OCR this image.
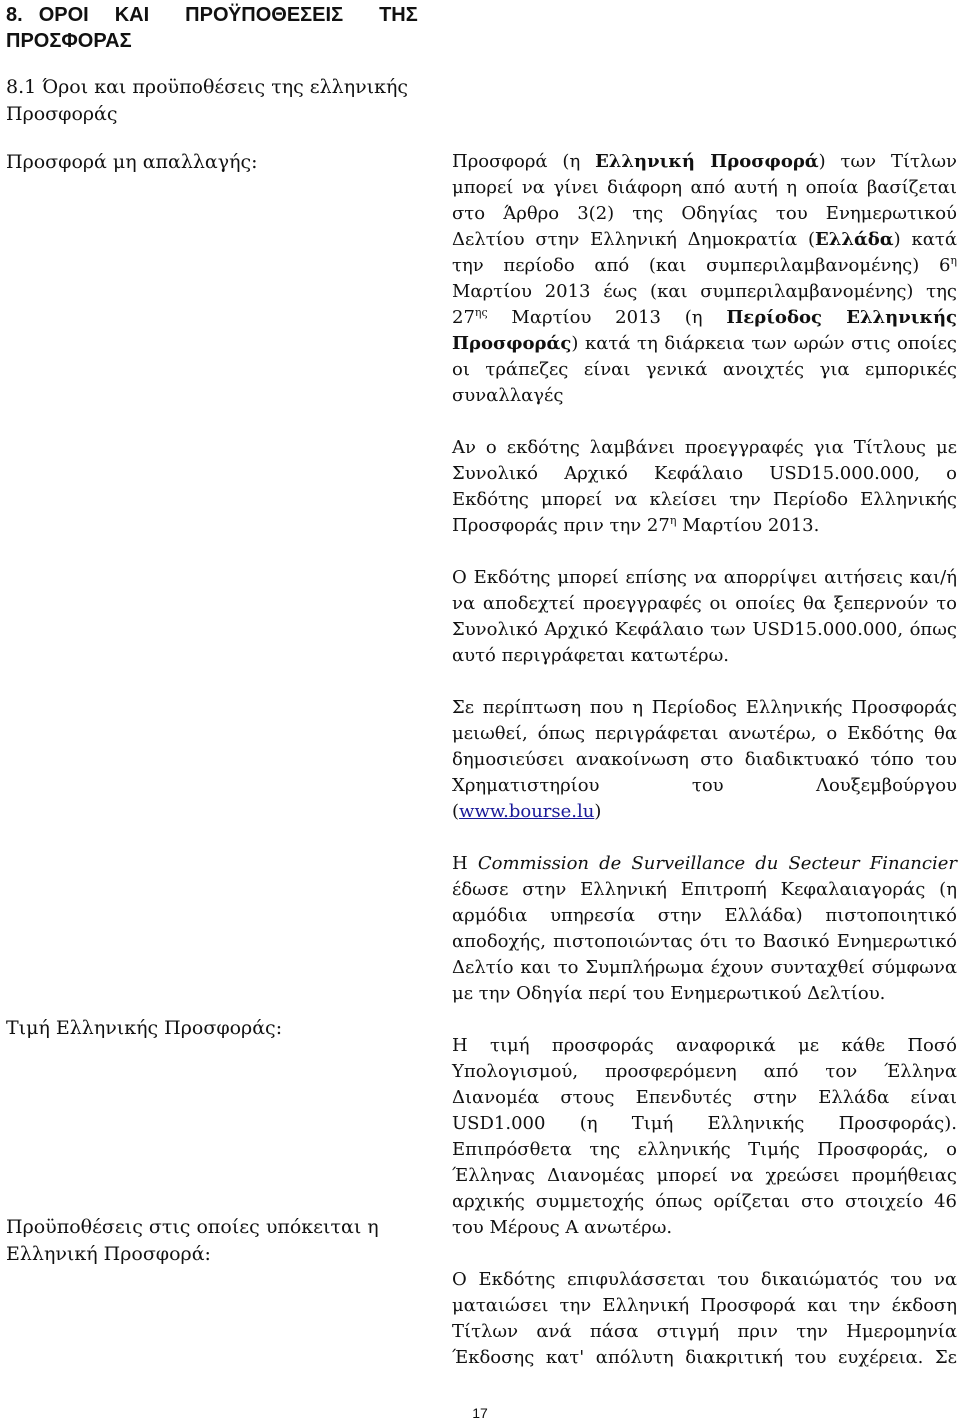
8. ΟΡΟΙ ΚΑΙ ΠΡΟΫΠΟΘΕΣΕΙΣ ΤΗΣ
ΠΡΟΣΦΟΡΑΣ
8.1 Όροι και προϋποθέσεις της ελληνικής
Προσφοράς
Προσφορά μη απαλλαγής:
Τιμή Ελληνικής Προσφοράς:
Προϋποθέσεις στις οποίες υπόκειται η
Ελληνική Προσφορά:

Προσφορά (η Ελληνική Προσφορά) των Τίτλων μπορεί να γίνει διάφορη από αυτή η οποία βασίζεται στο Άρθρο 3(2) της Οδηγίας του Ενημερωτικού Δελτίου στην Ελληνική Δημοκρατία (Ελλάδα) κατά την περίοδο από (και συμπεριλαμβανομένης) $6^\eta$ Μαρτίου 2013 έως (και συμπεριλαμβανομένης) της $27^{\eta\varsigma}$ Μαρτίου 2013 (η Περίοδος Ελληνικής Προσφοράς) κατά τη διάρκεια των ωρών στις οποίες οι τράπεζες είναι γενικά ανοιχτές για εμπορικές συναλλαγές

Αν ο εκδότης λαμβάνει προεγγραφές για Τίτλους με Συνολικό Αρχικό Κεφάλαιο USD15.000.000, ο Εκδότης μπορεί να κλείσει την Περίοδο Ελληνικής Προσφοράς πριν την $27^\eta$ Μαρτίου 2013.

Ο Εκδότης μπορεί επίσης να απορρίψει αιτήσεις και/ή να αποδεχτεί προεγγραφές οι οποίες θα ξεπερνούν το Συνολικό Αρχικό Κεφάλαιο των USD15.000.000, όπως αυτό περιγράφεται κατωτέρω.

Σε περίπτωση που η Περίοδος Ελληνικής Προσφοράς μειωθεί, όπως περιγράφεται ανωτέρω, ο Εκδότης θα δημοσιεύσει ανακοίνωση στο διαδικτυακό τόπο του Χρηματιστηρίου του Λουξεμβούργου
(www.bourse.lu)

Η Commission de Surveillance du Secteur Financier έδωσε στην Ελληνική Επιτροπή Κεφαλαιαγοράς (η αρμόδια υπηρεσία στην Ελλάδα) πιστοποιητικό αποδοχής, πιστοποιώντας ότι το Βασικό Ενημερωτικό Δελτίο και το Συμπλήρωμα έχουν συνταχθεί σύμφωνα με την Οδηγία περί του Ενημερωτικού Δελτίου.

Η τιμή προσφοράς αναφορικά με κάθε Ποσό Υπολογισμού, προσφερόμενη από τον Έλληνα Διανομέα στους Επενδυτές στην Ελλάδα είναι USD1.000 (η Τιμή Ελληνικής Προσφοράς). Επιπρόσθετα της ελληνικής Τιμής Προσφοράς, ο Έλληνας Διανομέας μπορεί να χρεώσει προμήθειας αρχικής συμμετοχής όπως ορίζεται στο στοιχείο 46 του Μέρους Α ανωτέρω.

Ο Εκδότης επιφυλάσσεται του δικαιώματός του να ματαιώσει την Ελληνική Προσφορά και την έκδοση Τίτλων ανά πάσα στιγμή πριν την Ημερομηνία Έκδοσης κατ' απόλυτη διακριτική του ευχέρεια. Σε

17
